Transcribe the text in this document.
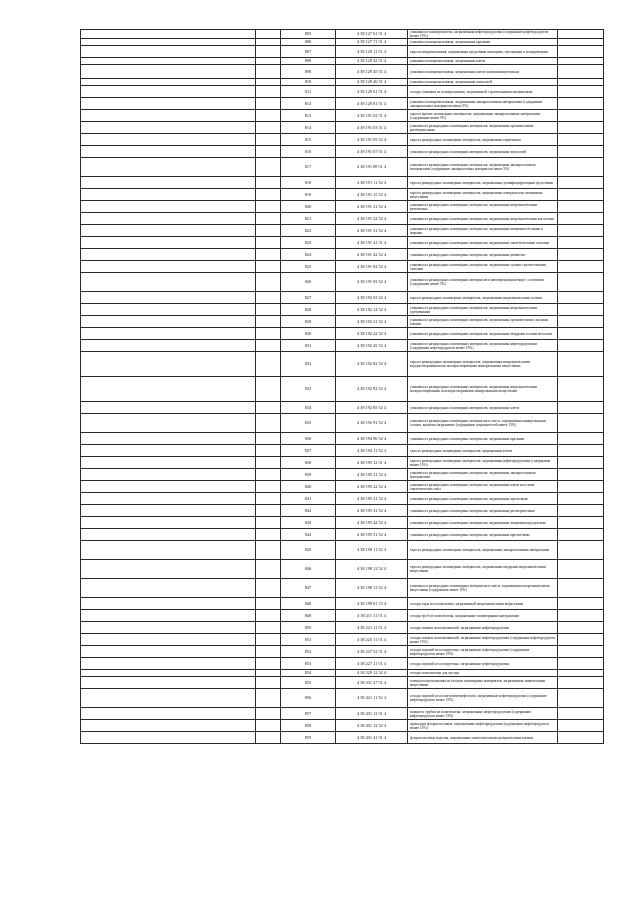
		805	4 38 127 61 51 4	упаковка из полипропилена, загрязненная нефтепродуктами (содержание нефтепродуктов менее 15%)	
		806	4 38 127 71 51 4	упаковка полипропиленовая, загрязненная красками	
		807	4 38 129 11 51 4	тара полипропиленовая, загрязненная средствами моющими, чистящими и полирующими	
		808	4 38 129 42 51 4	упаковка полипропиленовая, загрязненная клеем	
		809	4 38 129 45 51 4	упаковка полипропиленовая, загрязненная клеем поливинилацетатным	
		810	4 38 129 46 51 4	упаковка полипропиленовая, загрязненная эмульсией	
		811	4 38 129 61 51 4	отходы упаковки из полипропилена, загрязненной строительными материалами	
		812	4 38 129 81 51 4	упаковка полипропиленовая, загрязненная лакокрасочными материалами (содержание лакокрасочных материалов менее 5%)	
		813	4 38 191 02 51 4	тара из прочих полимерных материалов, загрязненная лакокрасочными материалами (содержание менее 5%)	
		814	4 38 191 03 51 4	упаковка из разнородных полимерных материалов, загрязненная органическими растворителями	
		815	4 38 191 05 52 4	тара из разнородных полимерных материалов, загрязненная герметиком	
		816	4 38 191 07 51 4	упаковка из разнородных полимерных материалов, загрязненная эмульсией	
		817	4 38 191 08 51 4	упаковка из разнородных полимерных материалов, загрязненная лакокрасочными материалами (содержание лакокрасочных материалов менее 5%)	
		818	4 38 191 11 52 4	тара из разнородных полимерных материалов, загрязненная дезинфицирующими средствами	
		819	4 38 191 15 52 4	тара из разнородных полимерных материалов, загрязненная поверхностно-активными веществами	
		820	4 38 191 21 52 4	упаковка из разнородных полимерных материалов, загрязненная неорганическими реагентами	
		821	4 38 191 22 52 4	упаковка из разнородных полимерных материалов, загрязненная неорганическими кислотами	
		822	4 38 191 31 52 4	упаковка из разнородных полимерных материалов, загрязненная пищевыми белками и жирами	
		823	4 38 191 41 51 4	упаковка из разнородных полимерных материалов, загрязненная синтетическими смолами	
		824	4 38 191 42 52 4	упаковка из разнородных полимерных материалов, загрязненная цементом	
		825	4 38 191 92 52 4	упаковка из разнородных полимерных материалов, загрязненная сухими строительными смесями	
		826	4 38 191 93 52 4	упаковка из разнородных полимерных материалов в неповрежденном виде с остатками (содержание менее 5%)	
		827	4 38 192 03 52 4	тара из разнородных полимерных материалов, загрязненная неорганическими солями	
		828	4 38 192 14 52 4	упаковка из разнородных полимерных материалов, загрязненная неорганическими удобрениями	
		829	4 38 192 21 52 4	упаковка из разнородных полимерных материалов, загрязненная органическими смолами, клеями	
		830	4 38 192 22 52 4	упаковка из разнородных полимерных материалов, загрязненная твердыми солями металлов	
		831	4 38 192 25 52 4	упаковка из разнородных полимерных материалов, загрязненная нефтепродуктами (содержание нефтепродуктов менее 15%)	
		832	4 38 192 82 52 4	тара из разнородных полимерных материалов, загрязненная неорганическими водорастворимыми или малорастворимыми минеральными веществами	
		833	4 38 192 83 52 4	упаковка из разнородных полимерных материалов, загрязненная неорганическими малорастворимыми или нерастворимыми минеральными веществами	
		834	4 38 192 85 52 4	упаковка из разнородных полимерных материалов, загрязненная клеем	
		835	4 38 192 91 52 4	упаковка из разнородных полимерных материалов в смеси, загрязненная минеральными солями, включая загрязнение (содержание загрязнителей менее 15%)	
		836	4 38 194 96 52 4	упаковка из разнородных полимерных материалов, загрязненная красками	
		837	4 38 194 11 52 4	тара из разнородных полимерных материалов, загрязненная клеем	
		838	4 38 195 12 51 4	тара из разнородных полимерных материалов, загрязненная нефтепродуктами (содержание менее 15%)	
		839	4 38 195 21 52 4	упаковка из разнородных полимерных материалов, загрязненная лакокрасочными материалами	
		840	4 38 195 22 52 4	упаковка из разнородных полимерных материалов, загрязненная клеем на основе синтетических смол	
		841	4 38 195 31 52 4	упаковка из разнородных полимерных материалов, загрязненная аэрозолями	
		842	4 38 195 41 52 4	упаковка из разнородных полимерных материалов, загрязненная растворителями	
		843	4 38 195 42 52 4	упаковка из разнородных полимерных материалов, загрязненная пищевыми продуктами	
		844	4 38 195 51 52 4	упаковка из разнородных полимерных материалов, загрязненная красителями	
		845	4 38 198 11 52 4	тара из разнородных полимерных материалов, загрязненная лакокрасочными материалами	
		846	4 38 198 12 52 4	тара из разнородных полимерных материалов, загрязненная твердыми неорганическими веществами	
		847	4 38 198 13 52 4	упаковка из разнородных полимерных материалов в смеси, загрязненная неорганическими веществами (содержание менее 15%)	
		848	4 38 199 01 72 4	отходы тары из полиэтилена, загрязненной неорганическими веществами	
		849	4 38 211 11 51 4	отходы труб из полиэтилена, загрязненные полимерными материалами	
		850	4 38 221 11 51 4	отходы пленки полиэтиленовой, загрязненные нефтепродуктами	
		851	4 38 225 11 51 4	отходы пленки полиэтиленовой, загрязненные нефтепродуктами (содержание нефтепродуктов менее 15%)	
		852	4 38 227 52 51 4	отходы изделий из полиуретана, загрязненные нефтепродуктами (содержание нефтепродуктов менее 15%)	
		853	4 38 227 11 51 4	отходы изделий из полиуретана, загрязненные нефтепродуктами	
		854	4 38 229 12 52 4	отходы полиэтилена для мусора	
		855	4 38 331 27 51 4	пленка полиэтиленовая из отходов полимерных материалов, загрязненная химическими веществами	
		856	4 38 421 11 52 4	отходы изделий из полиэтилентерефталата, загрязненные нефтепродуктами (содержание нефтепродуктов менее 15%)	
		857	4 38 431 12 51 4	шланги и трубки из полиэтилена, загрязненные нефтепродуктами (содержание нефтепродуктов менее 15%)	
		858	4 38 431 12 52 4	прокладки фторопластовые, загрязненные нефтепродуктами (содержание нефтепродуктов менее 15%)	
		859	4 38 431 41 51 4	фторопластовые изделия, загрязненные синтетическими органическими клеями	
